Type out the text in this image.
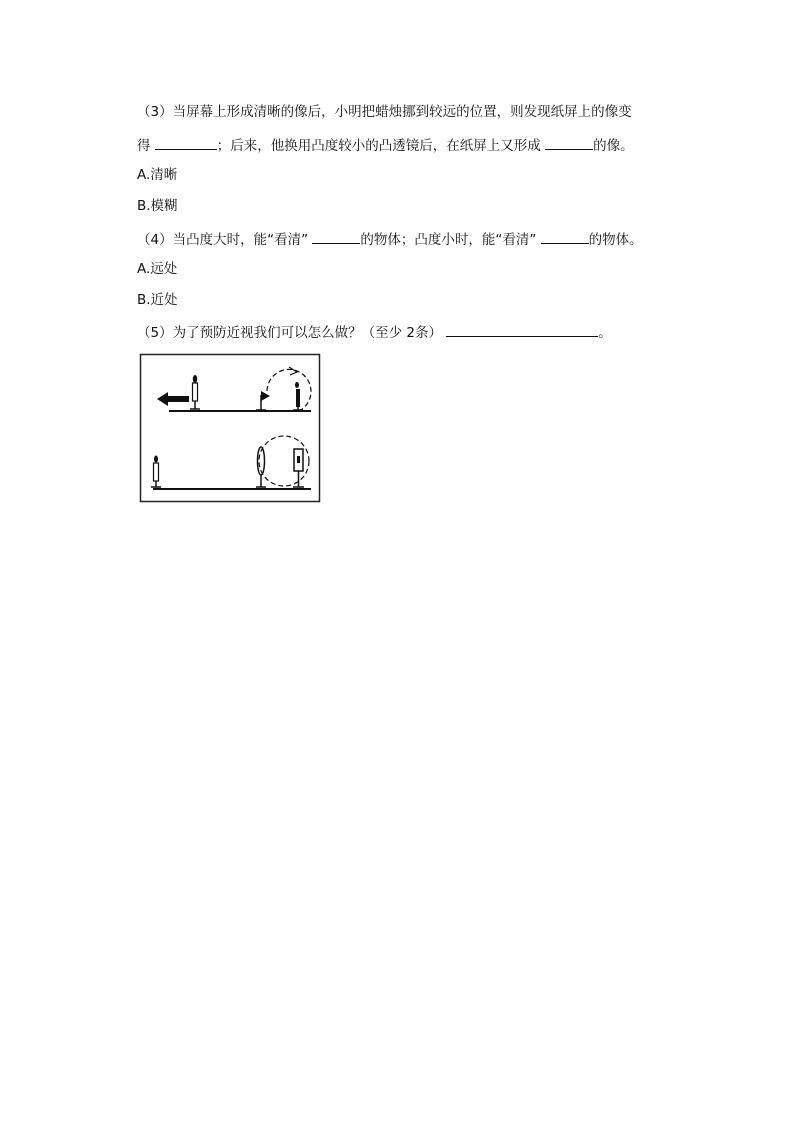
（3）当屏幕上形成清晰的像后，小明把蜡烛挪到较远的位置，则发现纸屏上的像变
得	；后来，他换用凸度较小的凸透镜后，在纸屏上又形成	的像。
A.清晰
B.模糊
（4）当凸度大时，能“看清”	的物体；凸度小时，能“看清”	的物体。
A.远处
B.近处
（5）为了预防近视我们可以怎么做？（至少 2条）	。
